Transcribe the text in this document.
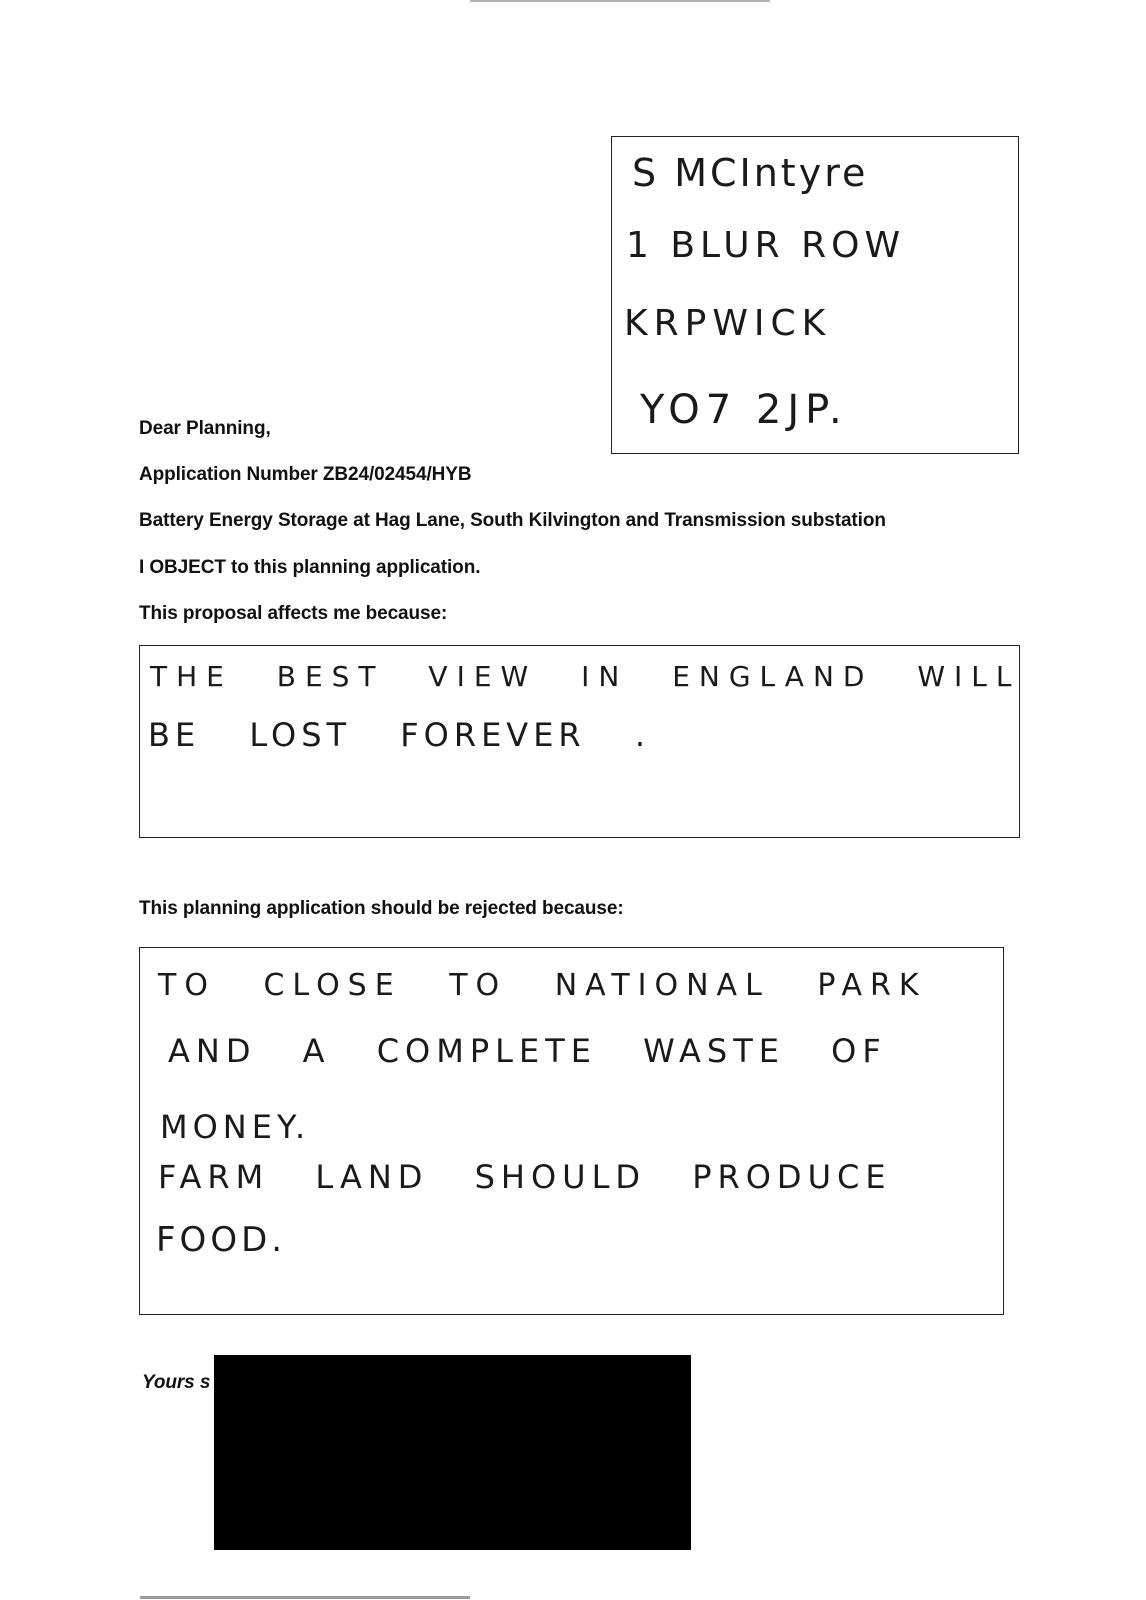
S MCIntyre
1 BLUR ROW
KRPWICK
YO7 2JP.
Dear Planning,
Application Number ZB24/02454/HYB
Battery Energy Storage at Hag Lane, South Kilvington and Transmission substation
I OBJECT to this planning application.
This proposal affects me because:
THE BEST VIEW IN ENGLAND WILL
BE LOST FOREVER .
This planning application should be rejected because:
TO CLOSE TO NATIONAL PARK
AND A COMPLETE WASTE OF
MONEY.
FARM LAND SHOULD PRODUCE
FOOD.
Yours s
